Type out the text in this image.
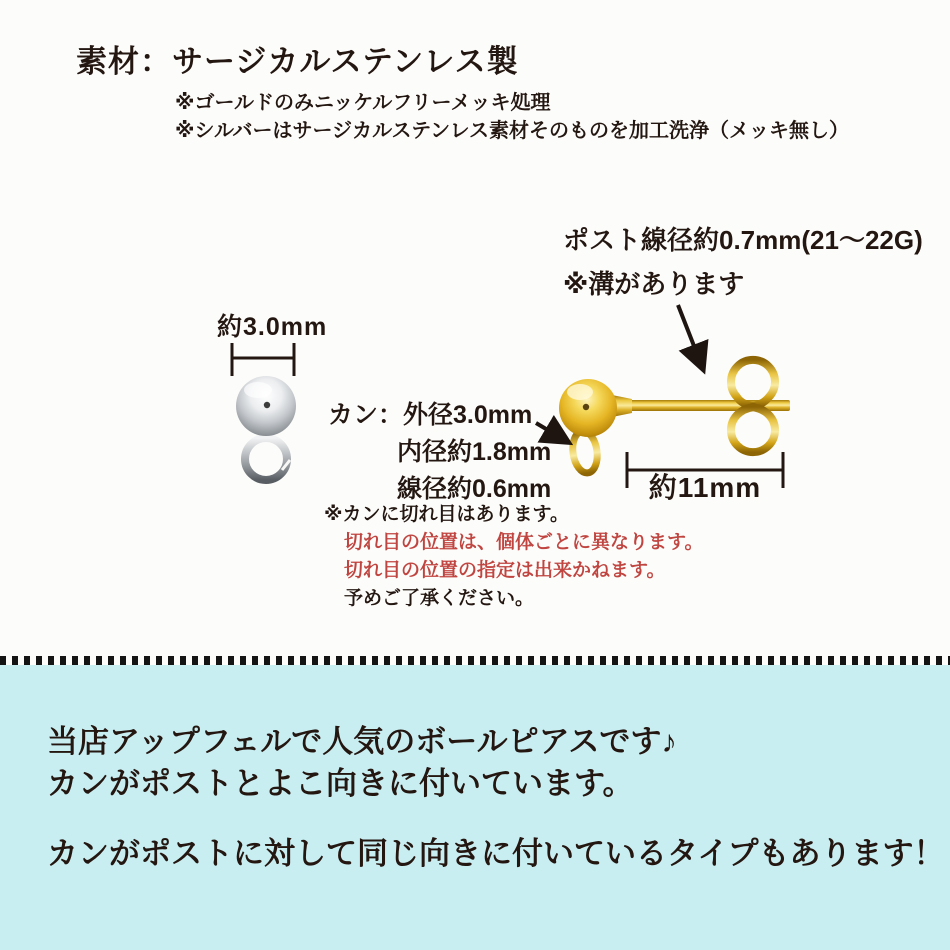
素材：サージカルステンレス製
※ゴールドのみニッケルフリーメッキ処理
※シルバーはサージカルステンレス素材そのものを加工洗浄（メッキ無し）
ポスト線径約0.7mm(21〜22G)
※溝があります
約3.0mm
カン：外径3.0mm
内径約1.8mm
線径約0.6mm
※カンに切れ目はあります。
切れ目の位置は、個体ごとに異なります。
切れ目の位置の指定は出来かねます。
予めご了承ください。
約11mm
当店アップフェルで人気のボールピアスです♪
カンがポストとよこ向きに付いています。
カンがポストに対して同じ向きに付いているタイプもあります！
